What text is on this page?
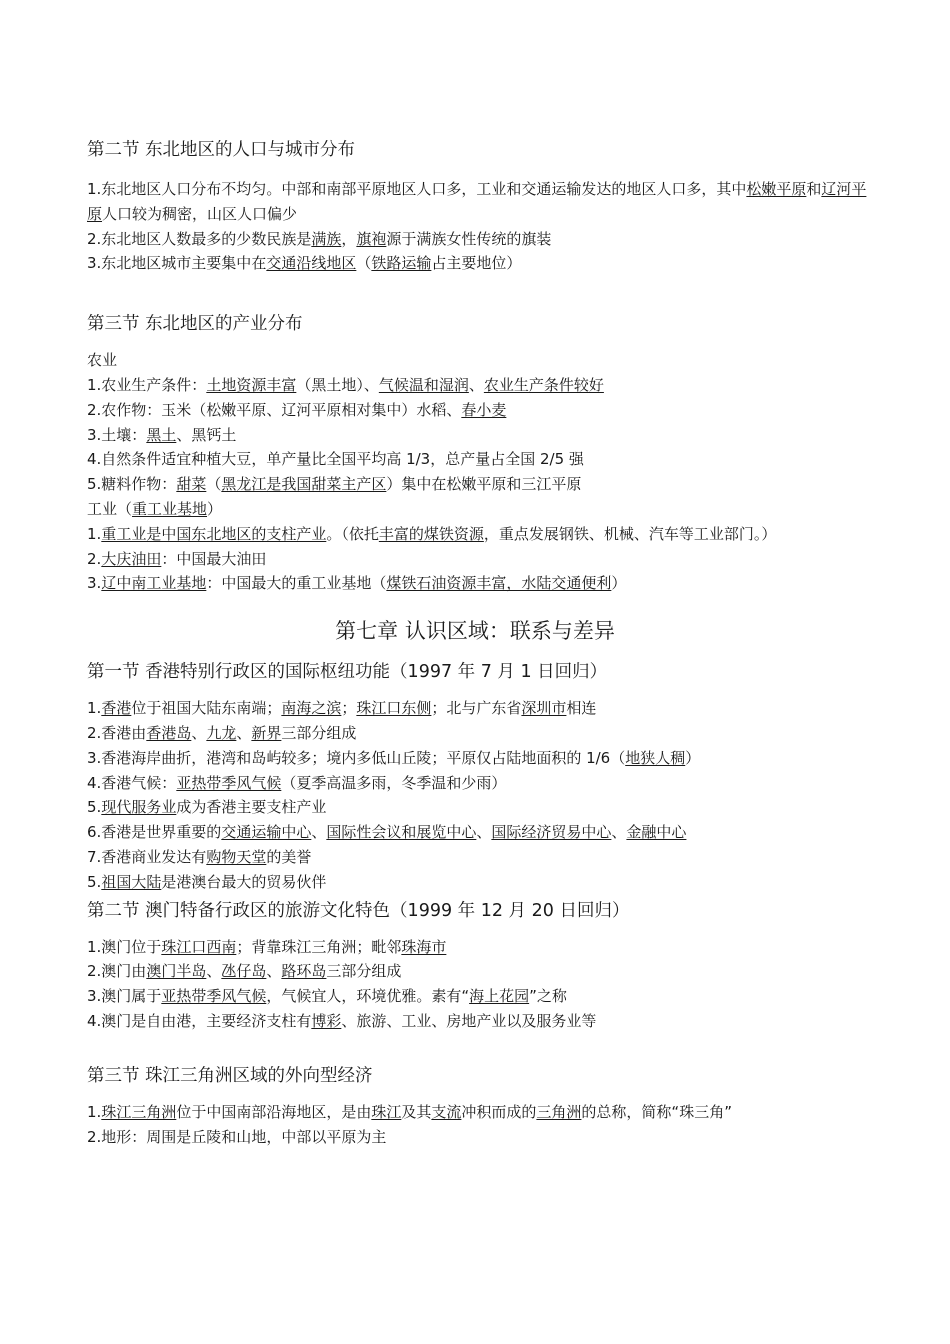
第二节 东北地区的人口与城市分布

1.东北地区人口分布不均匀。中部和南部平原地区人口多，工业和交通运输发达的地区人口多，其中松嫩平原和辽河平原人口较为稠密，山区人口偏少

2.东北地区人数最多的少数民族是满族，旗袍源于满族女性传统的旗装

3.东北地区城市主要集中在交通沿线地区（铁路运输占主要地位）

第三节 东北地区的产业分布

农业

1.农业生产条件：土地资源丰富（黑土地）、气候温和湿润、农业生产条件较好

2.农作物：玉米（松嫩平原、辽河平原相对集中）水稻、春小麦

3.土壤：黑土、黑钙土

4.自然条件适宜种植大豆，单产量比全国平均高 1/3，总产量占全国 2/5 强

5.糖料作物：甜菜（黑龙江是我国甜菜主产区）集中在松嫩平原和三江平原

工业（重工业基地）

1.重工业是中国东北地区的支柱产业。（依托丰富的煤铁资源，重点发展钢铁、机械、汽车等工业部门。）

2.大庆油田：中国最大油田

3.辽中南工业基地：中国最大的重工业基地（煤铁石油资源丰富，水陆交通便利）

第七章 认识区域：联系与差异

第一节 香港特别行政区的国际枢纽功能（1997 年 7 月 1 日回归）

1.香港位于祖国大陆东南端；南海之滨；珠江口东侧；北与广东省深圳市相连

2.香港由香港岛、九龙、新界三部分组成

3.香港海岸曲折，港湾和岛屿较多；境内多低山丘陵；平原仅占陆地面积的 1/6（地狭人稠）

4.香港气候：亚热带季风气候（夏季高温多雨，冬季温和少雨）

5.现代服务业成为香港主要支柱产业

6.香港是世界重要的交通运输中心、国际性会议和展览中心、国际经济贸易中心、金融中心

7.香港商业发达有购物天堂的美誉

5.祖国大陆是港澳台最大的贸易伙伴

第二节 澳门特备行政区的旅游文化特色（1999 年 12 月 20 日回归）

1.澳门位于珠江口西南；背靠珠江三角洲；毗邻珠海市

2.澳门由澳门半岛、氹仔岛、路环岛三部分组成

3.澳门属于亚热带季风气候，气候宜人，环境优雅。素有“海上花园”之称

4.澳门是自由港，主要经济支柱有博彩、旅游、工业、房地产业以及服务业等

第三节 珠江三角洲区域的外向型经济

1.珠江三角洲位于中国南部沿海地区，是由珠江及其支流冲积而成的三角洲的总称，简称“珠三角”

2.地形：周围是丘陵和山地，中部以平原为主
